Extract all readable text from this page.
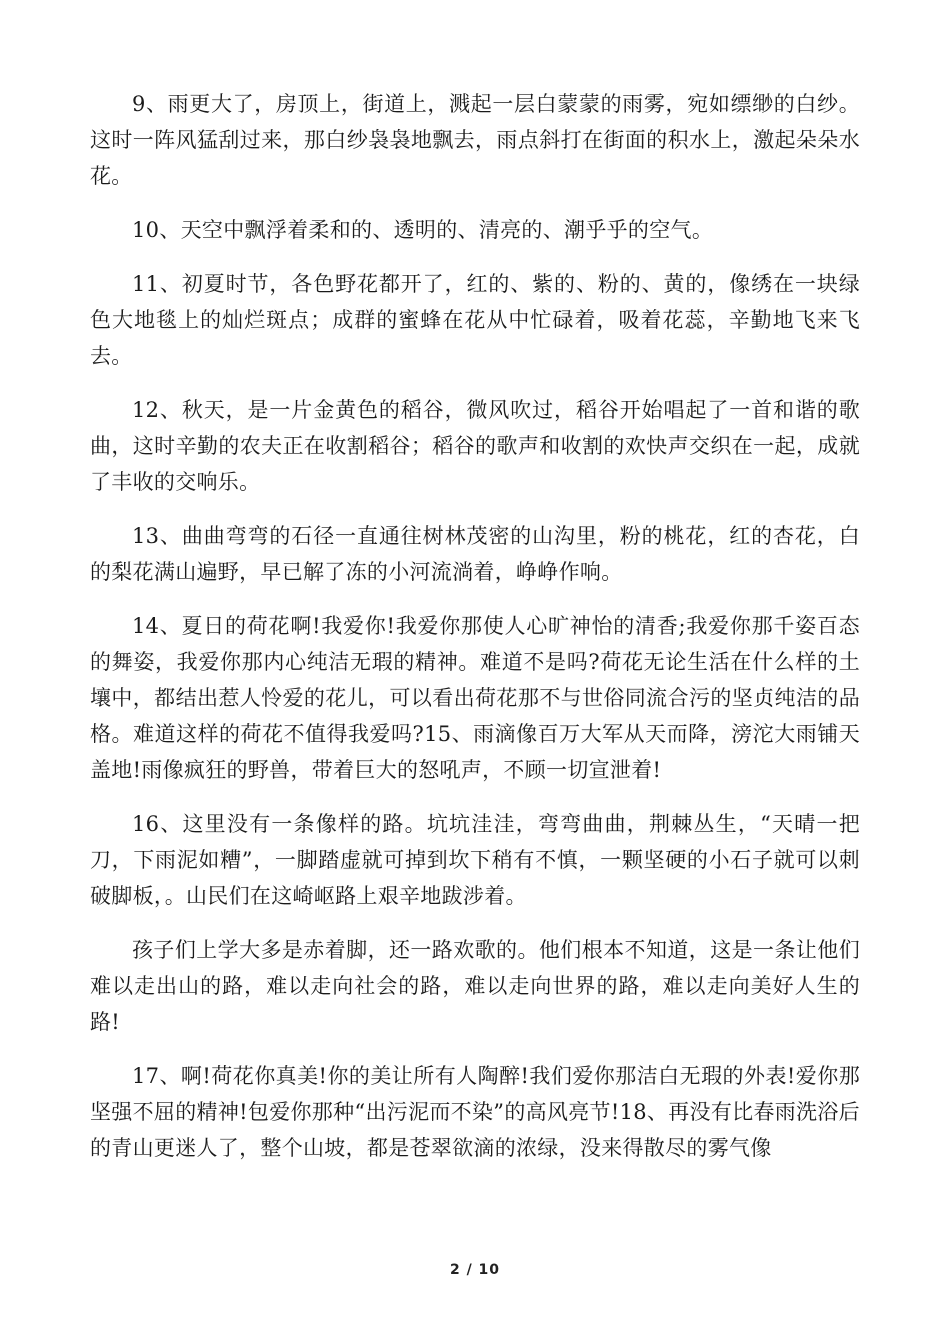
9、雨更大了，房顶上，街道上，溅起一层白蒙蒙的雨雾，宛如缥缈的白纱。这时一阵风猛刮过来，那白纱袅袅地飘去，雨点斜打在街面的积水上，激起朵朵水花。

10、天空中飘浮着柔和的、透明的、清亮的、潮乎乎的空气。

11、初夏时节，各色野花都开了，红的、紫的、粉的、黄的，像绣在一块绿色大地毯上的灿烂斑点；成群的蜜蜂在花从中忙碌着，吸着花蕊，辛勤地飞来飞去。

12、秋天，是一片金黄色的稻谷，微风吹过，稻谷开始唱起了一首和谐的歌曲，这时辛勤的农夫正在收割稻谷；稻谷的歌声和收割的欢快声交织在一起，成就了丰收的交响乐。

13、曲曲弯弯的石径一直通往树林茂密的山沟里，粉的桃花，红的杏花，白的梨花满山遍野，早已解了冻的小河流淌着，峥峥作响。

14、夏日的荷花啊!我爱你!我爱你那使人心旷神怡的清香;我爱你那千姿百态的舞姿，我爱你那内心纯洁无瑕的精神。难道不是吗?荷花无论生活在什么样的土壤中，都结出惹人怜爱的花儿，可以看出荷花那不与世俗同流合污的坚贞纯洁的品格。难道这样的荷花不值得我爱吗?15、雨滴像百万大军从天而降，滂沱大雨铺天盖地!雨像疯狂的野兽，带着巨大的怒吼声，不顾一切宣泄着!

16、这里没有一条像样的路。坑坑洼洼，弯弯曲曲，荆棘丛生，“天晴一把刀，下雨泥如糟”，一脚踏虚就可掉到坎下稍有不慎，一颗坚硬的小石子就可以刺破脚板，。山民们在这崎岖路上艰辛地跋涉着。

孩子们上学大多是赤着脚，还一路欢歌的。他们根本不知道，这是一条让他们难以走出山的路，难以走向社会的路，难以走向世界的路，难以走向美好人生的路!

17、啊!荷花你真美!你的美让所有人陶醉!我们爱你那洁白无瑕的外表!爱你那坚强不屈的精神!包爱你那种“出污泥而不染”的高风亮节!18、再没有比春雨洗浴后的青山更迷人了，整个山坡，都是苍翠欲滴的浓绿，没来得散尽的雾气像

2 / 10
